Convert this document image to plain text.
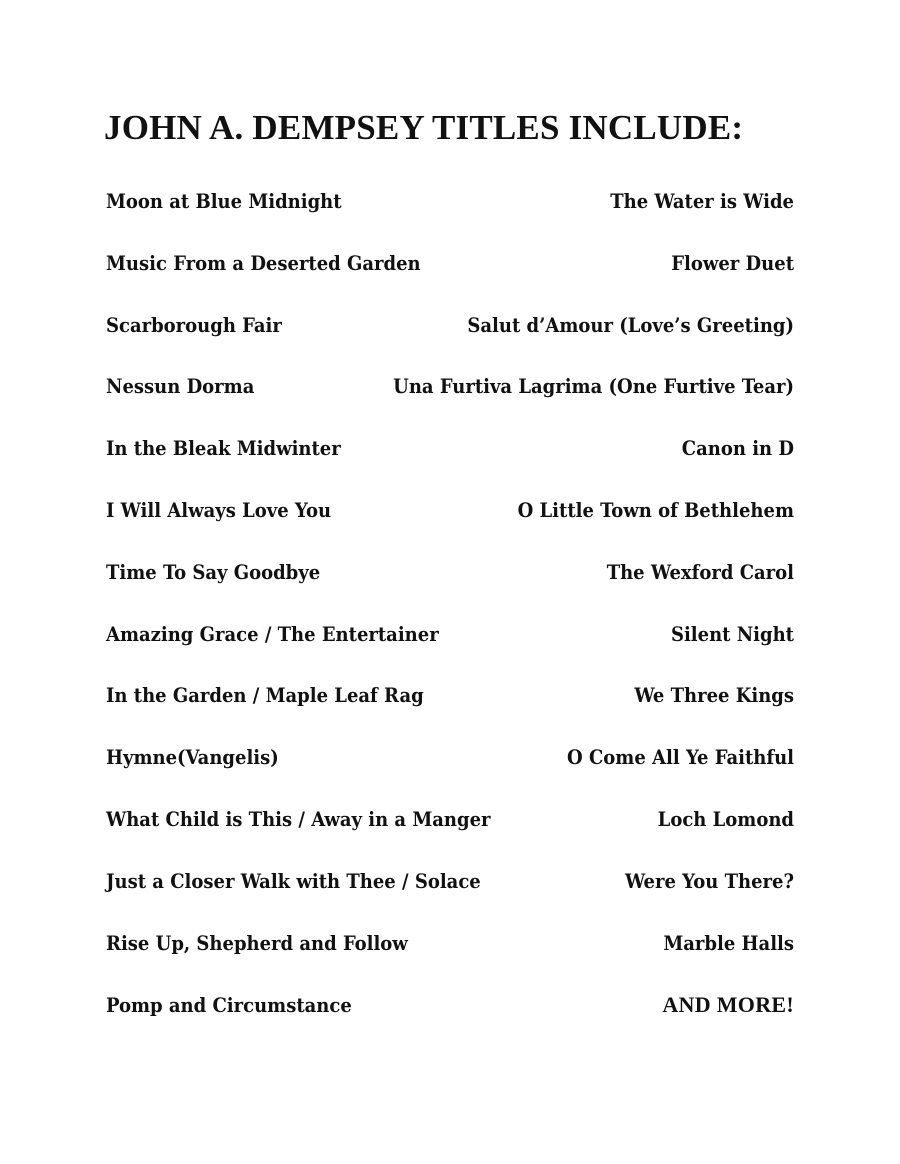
JOHN A. DEMPSEY TITLES INCLUDE:
Moon at Blue Midnight	The Water is Wide
Music From a Deserted Garden	Flower Duet
Scarborough Fair	Salut d’Amour (Love’s Greeting)
Nessun Dorma	Una Furtiva Lagrima (One Furtive Tear)
In the Bleak Midwinter	Canon in D
I Will Always Love You	O Little Town of Bethlehem
Time To Say Goodbye	The Wexford Carol
Amazing Grace / The Entertainer	Silent Night
In the Garden / Maple Leaf Rag	We Three Kings
Hymne(Vangelis)	O Come All Ye Faithful
What Child is This / Away in a Manger	Loch Lomond
Just a Closer Walk with Thee / Solace	Were You There?
Rise Up, Shepherd and Follow	Marble Halls
Pomp and Circumstance	AND MORE!
